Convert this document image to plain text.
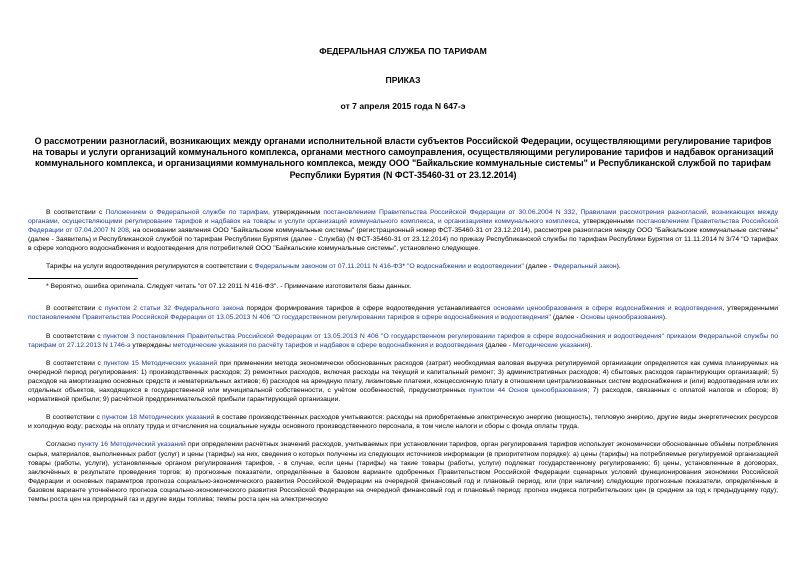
ФЕДЕРАЛЬНАЯ СЛУЖБА ПО ТАРИФАМ
ПРИКАЗ
от 7 апреля 2015 года N 647-э
О рассмотрении разногласий, возникающих между органами исполнительной власти субъектов Российской Федерации, осуществляющими регулирование тарифов на товары и услуги организаций коммунального комплекса, органами местного самоуправления, осуществляющими регулирование тарифов и надбавок организаций коммунального комплекса, и организациями коммунального комплекса, между ООО "Байкальские коммунальные системы" и Республиканской службой по тарифам Республики Бурятия (N ФСТ-35460-31 от 23.12.2014)

В соответствии с Положением о Федеральной службе по тарифам, утвержденным постановлением Правительства Российской Федерации от 30.06.2004 N 332, Правилами рассмотрения разногласий, возникающих между органами, осуществляющими регулирование тарифов и надбавок на товары и услуги организаций коммунального комплекса, и организациями коммунального комплекса, утвержденными постановлением Правительства Российской Федерации от 07.04.2007 N 208, на основании заявления ООО "Байкальские коммунальные системы" (регистрационный номер ФСТ-35460-31 от 23.12.2014), рассмотрев разногласия между ООО "Байкальские коммунальные системы" (далее - Заявитель) и Республиканской службой по тарифам Республики Бурятия (далее - Служба) (N ФСТ-35460-31 от 23.12.2014) по приказу Республиканской службы по тарифам Республики Бурятия от 11.11.2014 N 3/74 "О тарифах в сфере холодного водоснабжения и водоотведения для потребителей ООО "Байкальские коммунальные системы", установлено следующее.

Тарифы на услуги водоотведения регулируются в соответствии с Федеральным законом от 07.11.2011 N 416-ФЗ* "О водоснабжении и водоотведении" (далее - Федеральный закон).

* Вероятно, ошибка оригинала. Следует читать "от 07.12 2011 N 416-ФЗ". - Примечание изготовителя базы данных.

В соответствии с пунктом 2 статьи 32 Федерального закона порядок формирования тарифов в сфере водоотведения устанавливается основами ценообразования в сфере водоснабжения и водоотведения, утвержденными постановлением Правительства Российской Федерации от 13.05.2013 N 406 "О государственном регулировании тарифов в сфере водоснабжения и водоотведения" (далее - Основы ценообразования).

В соответствии с пунктом 3 постановления Правительства Российской Федерации от 13.05.2013 N 406 "О государственном регулировании тарифов в сфере водоснабжения и водоотведения" приказом Федеральной службы по тарифам от 27.12.2013 N 1746-э утверждены методические указания по расчёту тарифов и надбавок в сфере водоснабжения и водоотведения (далее - Методические указания).

В соответствии с пунктом 15 Методических указаний при применении метода экономически обоснованных расходов (затрат) необходимая валовая выручка регулируемой организации определяется как сумма планируемых на очередной период регулирования: 1) производственных расходов; 2) ремонтных расходов, включая расходы на текущий и капитальный ремонт; 3) административных расходов; 4) сбытовых расходов гарантирующих организаций; 5) расходов на амортизацию основных средств и нематериальных активов; 6) расходов на арендную плату, лизинговые платежи, концессионную плату в отношении централизованных систем водоснабжения и (или) водоотведения или их отдельных объектов, находящихся в государственной или муниципальной собственности, с учётом особенностей, предусмотренных пунктом 44 Основ ценообразования; 7) расходов, связанных с оплатой налогов и сборов; 8) нормативной прибыли; 9) расчётной предпринимательской прибыли гарантирующей организации.

В соответствии с пунктом 18 Методических указаний в составе производственных расходов учитываются: расходы на приобретаемые электрическую энергию (мощность), тепловую энергию, другие виды энергетических ресурсов и холодную воду; расходы на оплату труда и отчисления на социальные нужды основного производственного персонала, в том числе налоги и сборы с фонда оплаты труда.

Согласно пункту 16 Методический указаний при определении расчётных значений расходов, учитываемых при установлении тарифов, орган регулирования тарифов использует экономически обоснованные объёмы потребления сырья, материалов, выполненных работ (услуг) и цены (тарифы) на них, сведения о которых получены из следующих источников информации (в приоритетном порядке): а) цены (тарифы) на потребляемые регулируемой организацией товары (работы, услуги), установленные органом регулирования тарифов, - в случае, если цены (тарифы) на такие товары (работы, услуги) подлежат государственному регулированию; б) цены, установленные в договорах, заключённых в результате проведения торгов; в) прогнозные показатели, определённые в базовом варианте одобренных Правительством Российской Федерации сценарных условий функционирования экономики Российской Федерации и основных параметров прогноза социально-экономического развития Российской Федерации на очередной финансовый год и плановый период, или (при наличии) следующие прогнозные показатели, определённые в базовом варианте уточнённого прогноза социально-экономического развития Российской Федерации на очередной финансовый год и плановый период: прогноз индекса потребительских цен (в среднем за год к предыдущему году); темпы роста цен на природный газ и другие виды топлива; темпы роста цен на электрическую
